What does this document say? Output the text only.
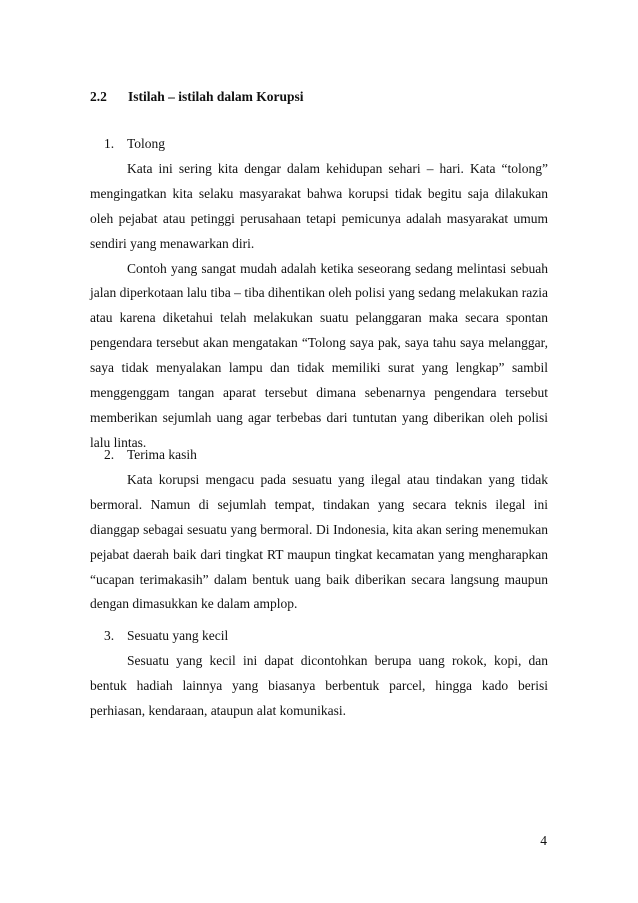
2.2 Istilah – istilah dalam Korupsi
1. Tolong

Kata ini sering kita dengar dalam kehidupan sehari – hari. Kata “tolong” mengingatkan kita selaku masyarakat bahwa korupsi tidak begitu saja dilakukan oleh pejabat atau petinggi perusahaan tetapi pemicunya adalah masyarakat umum sendiri yang menawarkan diri.

Contoh yang sangat mudah adalah ketika seseorang sedang melintasi sebuah jalan diperkotaan lalu tiba – tiba dihentikan oleh polisi yang sedang melakukan razia atau karena diketahui telah melakukan suatu pelanggaran maka secara spontan pengendara tersebut akan mengatakan “Tolong saya pak, saya tahu saya melanggar, saya tidak menyalakan lampu dan tidak memiliki surat yang lengkap” sambil menggenggam tangan aparat tersebut dimana sebenarnya pengendara tersebut memberikan sejumlah uang agar terbebas dari tuntutan yang diberikan oleh polisi lalu lintas.

2. Terima kasih

Kata korupsi mengacu pada sesuatu yang ilegal atau tindakan yang tidak bermoral. Namun di sejumlah tempat, tindakan yang secara teknis ilegal ini dianggap sebagai sesuatu yang bermoral. Di Indonesia, kita akan sering menemukan pejabat daerah baik dari tingkat RT maupun tingkat kecamatan yang mengharapkan “ucapan terimakasih” dalam bentuk uang baik diberikan secara langsung maupun dengan dimasukkan ke dalam amplop.

3. Sesuatu yang kecil

Sesuatu yang kecil ini dapat dicontohkan berupa uang rokok, kopi, dan bentuk hadiah lainnya yang biasanya berbentuk parcel, hingga kado berisi perhiasan, kendaraan, ataupun alat komunikasi.

4
